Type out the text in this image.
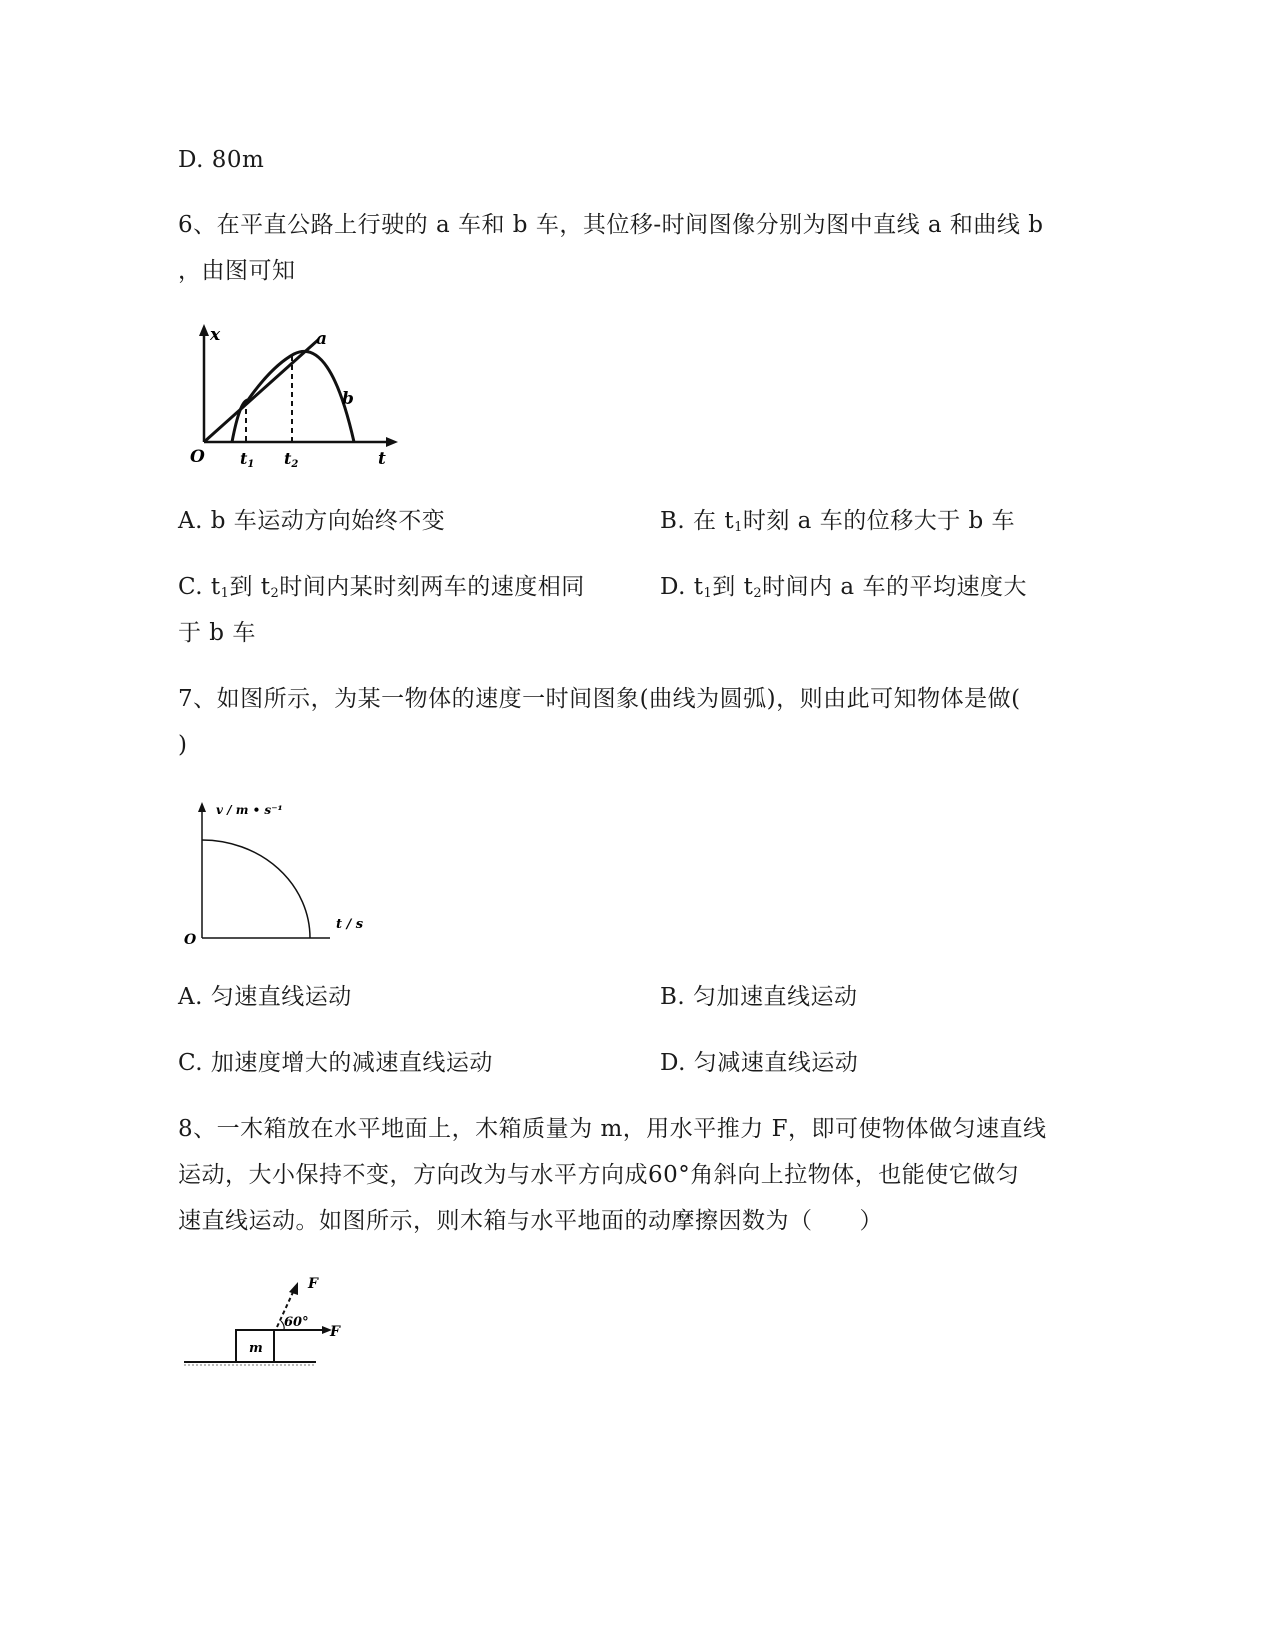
D. 80m
6、在平直公路上行驶的 a 车和 b 车，其位移-时间图像分别为图中直线 a 和曲线 b
，由图可知
x	a
b
O t1 t2	t
A. b 车运动方向始终不变	B. 在 $t_1$时刻 a 车的位移大于 b 车
C. $t_1$到 $t_2$时间内某时刻两车的速度相同	D. $t_1$到 $t_2$时间内 a 车的平均速度大
于 b 车
7、如图所示，为某一物体的速度一时间图象(曲线为圆弧)，则由此可知物体是做(
)
v / m • s⁻¹
t / s
O
A. 匀速直线运动	B. 匀加速直线运动
C. 加速度增大的减速直线运动	D. 匀减速直线运动
8、一木箱放在水平地面上，木箱质量为 m，用水平推力 F，即可使物体做匀速直线
运动，大小保持不变，方向改为与水平方向成60°角斜向上拉物体，也能使它做匀
速直线运动。如图所示，则木箱与水平地面的动摩擦因数为（　　）
m
F
F
60°
